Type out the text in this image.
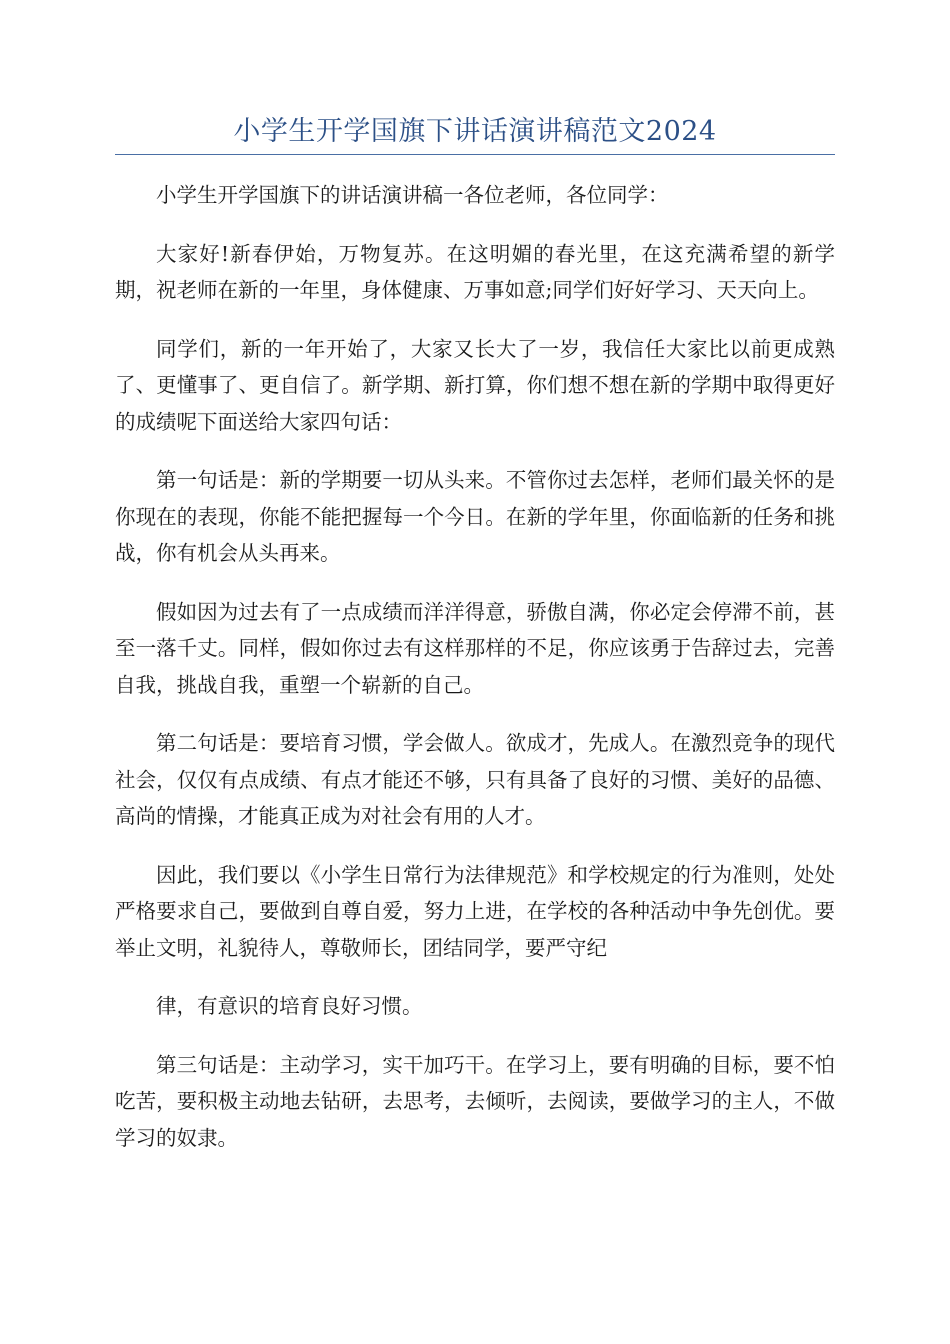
小学生开学国旗下讲话演讲稿范文2024

小学生开学国旗下的讲话演讲稿一各位老师，各位同学：

大家好!新春伊始，万物复苏。在这明媚的春光里，在这充满希望的新学期，祝老师在新的一年里，身体健康、万事如意;同学们好好学习、天天向上。

同学们，新的一年开始了，大家又长大了一岁，我信任大家比以前更成熟了、更懂事了、更自信了。新学期、新打算，你们想不想在新的学期中取得更好的成绩呢下面送给大家四句话：

第一句话是：新的学期要一切从头来。不管你过去怎样，老师们最关怀的是你现在的表现，你能不能把握每一个今日。在新的学年里，你面临新的任务和挑战，你有机会从头再来。

假如因为过去有了一点成绩而洋洋得意，骄傲自满，你必定会停滞不前，甚至一落千丈。同样，假如你过去有这样那样的不足，你应该勇于告辞过去，完善自我，挑战自我，重塑一个崭新的自己。

第二句话是：要培育习惯，学会做人。欲成才，先成人。在激烈竞争的现代社会，仅仅有点成绩、有点才能还不够，只有具备了良好的习惯、美好的品德、高尚的情操，才能真正成为对社会有用的人才。

因此，我们要以《小学生日常行为法律规范》和学校规定的行为准则，处处严格要求自己，要做到自尊自爱，努力上进，在学校的各种活动中争先创优。要举止文明，礼貌待人，尊敬师长，团结同学，要严守纪

律，有意识的培育良好习惯。

第三句话是：主动学习，实干加巧干。在学习上，要有明确的目标，要不怕吃苦，要积极主动地去钻研，去思考，去倾听，去阅读，要做学习的主人，不做学习的奴隶。
